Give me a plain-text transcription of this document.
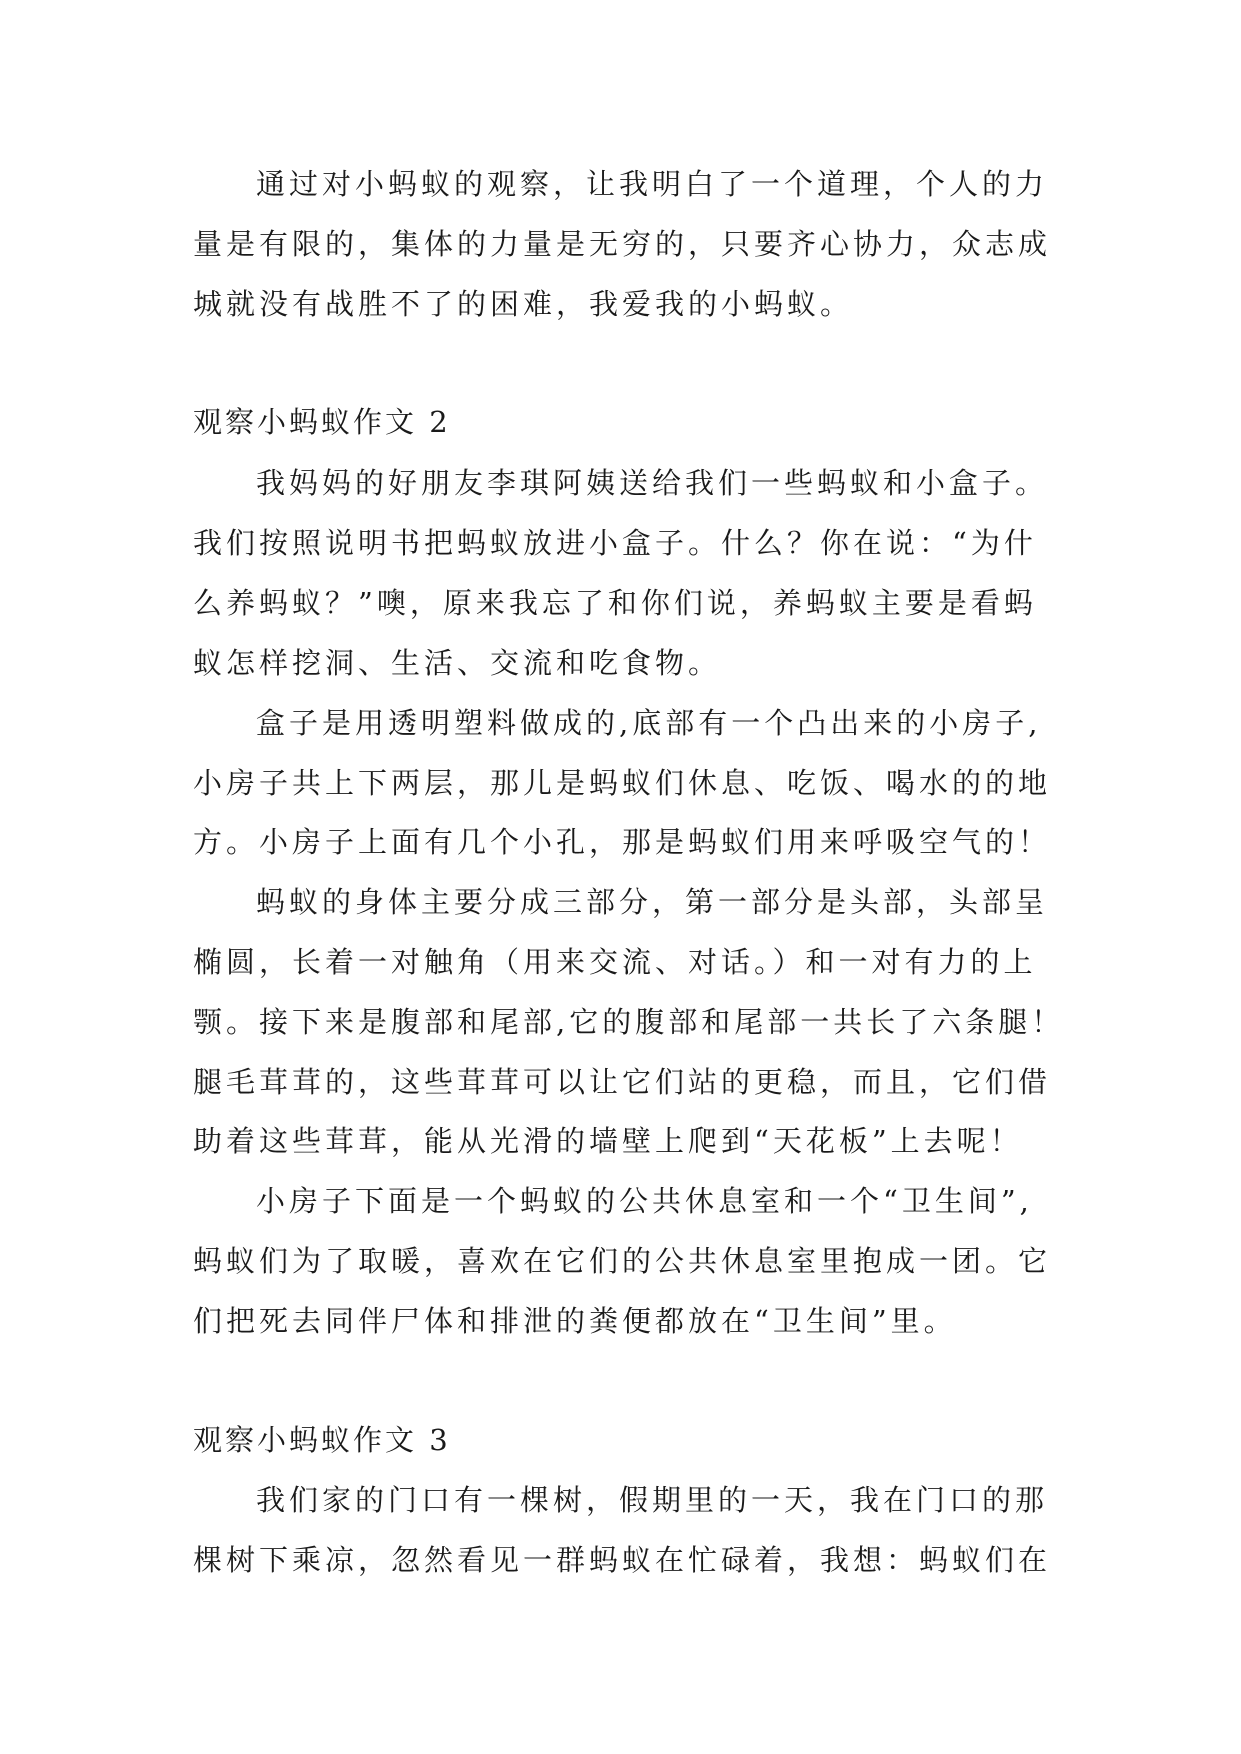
通过对小蚂蚁的观察，让我明白了一个道理，个人的力
量是有限的，集体的力量是无穷的，只要齐心协力，众志成
城就没有战胜不了的困难，我爱我的小蚂蚁。
观察小蚂蚁作文 2
我妈妈的好朋友李琪阿姨送给我们一些蚂蚁和小盒子。
我们按照说明书把蚂蚁放进小盒子。什么？你在说：“为什
么养蚂蚁？”噢，原来我忘了和你们说，养蚂蚁主要是看蚂
蚁怎样挖洞、生活、交流和吃食物。
盒子是用透明塑料做成的,底部有一个凸出来的小房子,
小房子共上下两层，那儿是蚂蚁们休息、吃饭、喝水的的地
方。小房子上面有几个小孔，那是蚂蚁们用来呼吸空气的！
蚂蚁的身体主要分成三部分，第一部分是头部，头部呈
椭圆，长着一对触角（用来交流、对话。）和一对有力的上
颚。接下来是腹部和尾部,它的腹部和尾部一共长了六条腿！
腿毛茸茸的，这些茸茸可以让它们站的更稳，而且，它们借
助着这些茸茸，能从光滑的墙壁上爬到“天花板”上去呢！
小房子下面是一个蚂蚁的公共休息室和一个“卫生间”,
蚂蚁们为了取暖，喜欢在它们的公共休息室里抱成一团。它
们把死去同伴尸体和排泄的粪便都放在“卫生间”里。
观察小蚂蚁作文 3
我们家的门口有一棵树，假期里的一天，我在门口的那
棵树下乘凉，忽然看见一群蚂蚁在忙碌着，我想：蚂蚁们在
